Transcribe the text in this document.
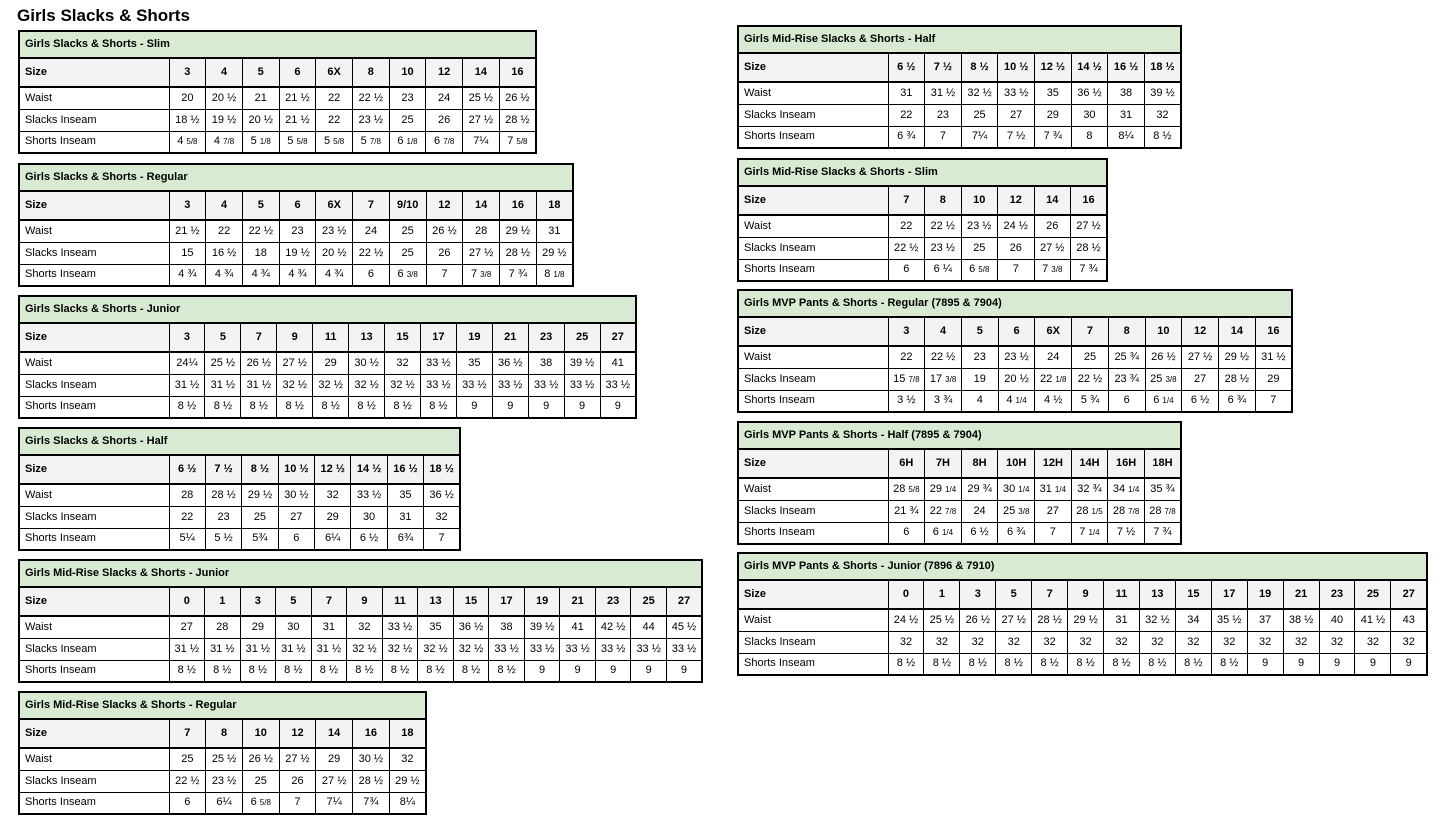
Girls Slacks & Shorts
Girls Slacks & Shorts - Slim										
Size	3	4	5	6	6X	8	10	12	14	16
Waist	20	20 ½	21	21 ½	22	22 ½	23	24	25 ½	26 ½
Slacks Inseam	18 ½	19 ½	20 ½	21 ½	22	23 ½	25	26	27 ½	28 ½
Shorts Inseam	4 5/8	4 7/8	5 1/8	5 5/8	5 5/8	5 7/8	6 1/8	6 7/8	7¼	7 5/8
Girls Slacks & Shorts - Regular											
Size	3	4	5	6	6X	7	9/10	12	14	16	18
Waist	21 ½	22	22 ½	23	23 ½	24	25	26 ½	28	29 ½	31
Slacks Inseam	15	16 ½	18	19 ½	20 ½	22 ½	25	26	27 ½	28 ½	29 ½
Shorts Inseam	4 ¾	4 ¾	4 ¾	4 ¾	4 ¾	6	6 3/8	7	7 3/8	7 ¾	8 1/8
Girls Slacks & Shorts - Junior													
Size	3	5	7	9	11	13	15	17	19	21	23	25	27
Waist	24¼	25 ½	26 ½	27 ½	29	30 ½	32	33 ½	35	36 ½	38	39 ½	41
Slacks Inseam	31 ½	31 ½	31 ½	32 ½	32 ½	32 ½	32 ½	33 ½	33 ½	33 ½	33 ½	33 ½	33 ½
Shorts Inseam	8 ½	8 ½	8 ½	8 ½	8 ½	8 ½	8 ½	8 ½	9	9	9	9	9
Girls Slacks & Shorts - Half								
Size	6 ½	7 ½	8 ½	10 ½	12 ½	14 ½	16 ½	18 ½
Waist	28	28 ½	29 ½	30 ½	32	33 ½	35	36 ½
Slacks Inseam	22	23	25	27	29	30	31	32
Shorts Inseam	5¼	5 ½	5¾	6	6¼	6 ½	6¾	7
Girls Mid-Rise Slacks & Shorts - Junior															
Size	0	1	3	5	7	9	11	13	15	17	19	21	23	25	27
Waist	27	28	29	30	31	32	33 ½	35	36 ½	38	39 ½	41	42 ½	44	45 ½
Slacks Inseam	31 ½	31 ½	31 ½	31 ½	31 ½	32 ½	32 ½	32 ½	32 ½	33 ½	33 ½	33 ½	33 ½	33 ½	33 ½
Shorts Inseam	8 ½	8 ½	8 ½	8 ½	8 ½	8 ½	8 ½	8 ½	8 ½	8 ½	9	9	9	9	9
Girls Mid-Rise Slacks & Shorts - Regular							
Size	7	8	10	12	14	16	18
Waist	25	25 ½	26 ½	27 ½	29	30 ½	32
Slacks Inseam	22 ½	23 ½	25	26	27 ½	28 ½	29 ½
Shorts Inseam	6	6¼	6 5/8	7	7¼	7¾	8¼
Girls Mid-Rise Slacks & Shorts - Half								
Size	6 ½	7 ½	8 ½	10 ½	12 ½	14 ½	16 ½	18 ½
Waist	31	31 ½	32 ½	33 ½	35	36 ½	38	39 ½
Slacks Inseam	22	23	25	27	29	30	31	32
Shorts Inseam	6 ¾	7	7¼	7 ½	7 ¾	8	8¼	8 ½
Girls Mid-Rise Slacks & Shorts - Slim						
Size	7	8	10	12	14	16
Waist	22	22 ½	23 ½	24 ½	26	27 ½
Slacks Inseam	22 ½	23 ½	25	26	27 ½	28 ½
Shorts Inseam	6	6 ¼	6 5/8	7	7 3/8	7 ¾
Girls MVP Pants & Shorts - Regular (7895 & 7904)											
Size	3	4	5	6	6X	7	8	10	12	14	16
Waist	22	22 ½	23	23 ½	24	25	25 ¾	26 ½	27 ½	29 ½	31 ½
Slacks Inseam	15 7/8	17 3/8	19	20 ½	22 1/8	22 ½	23 ¾	25 3/8	27	28 ½	29
Shorts Inseam	3 ½	3 ¾	4	4 1/4	4 ½	5 ¾	6	6 1/4	6 ½	6 ¾	7
Girls MVP Pants & Shorts - Half (7895 & 7904)								
Size	6H	7H	8H	10H	12H	14H	16H	18H
Waist	28 5/8	29 1/4	29 ¾	30 1/4	31 1/4	32 ¾	34 1/4	35 ¾
Slacks Inseam	21 ¾	22 7/8	24	25 3/8	27	28 1/5	28 7/8	28 7/8
Shorts Inseam	6	6 1/4	6 ½	6 ¾	7	7 1/4	7 ½	7 ¾
Girls MVP Pants & Shorts - Junior (7896 & 7910)															
Size	0	1	3	5	7	9	11	13	15	17	19	21	23	25	27
Waist	24 ½	25 ½	26 ½	27 ½	28 ½	29 ½	31	32 ½	34	35 ½	37	38 ½	40	41 ½	43
Slacks Inseam	32	32	32	32	32	32	32	32	32	32	32	32	32	32	32
Shorts Inseam	8 ½	8 ½	8 ½	8 ½	8 ½	8 ½	8 ½	8 ½	8 ½	8 ½	9	9	9	9	9
